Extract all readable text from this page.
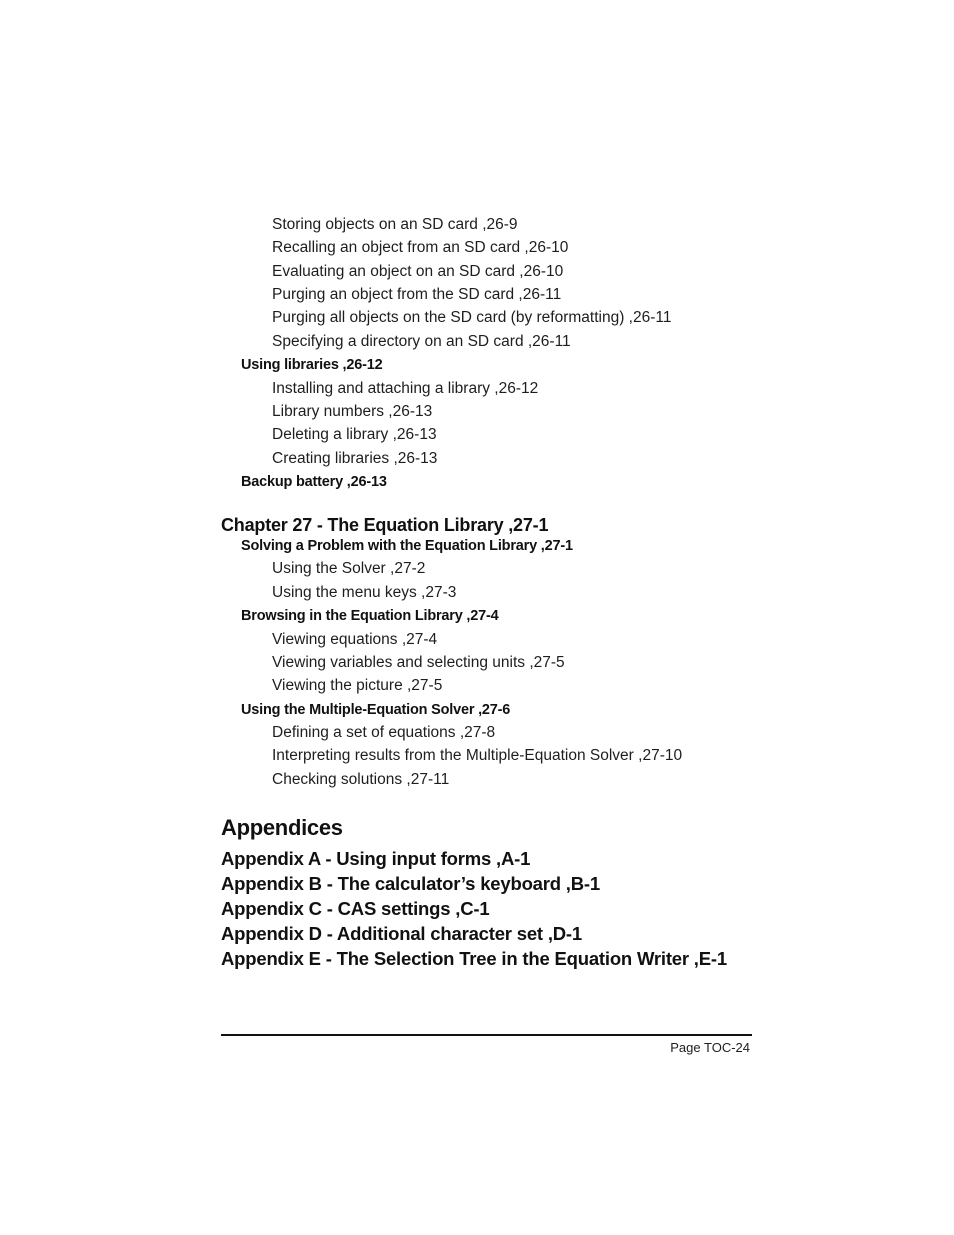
Storing objects on an SD card ,26-9
Recalling an object from an SD card ,26-10
Evaluating an object on an SD card ,26-10
Purging an object from the SD card ,26-11
Purging all objects on the SD card (by reformatting) ,26-11
Specifying a directory on an SD card ,26-11
Using libraries ,26-12
Installing and attaching a library ,26-12
Library numbers ,26-13
Deleting a library ,26-13
Creating libraries ,26-13
Backup battery ,26-13
Chapter 27 - The Equation Library ,27-1
Solving a Problem with the Equation Library ,27-1
Using the Solver ,27-2
Using the menu keys ,27-3
Browsing in the Equation Library ,27-4
Viewing equations ,27-4
Viewing variables and selecting units ,27-5
Viewing the picture ,27-5
Using the Multiple-Equation Solver ,27-6
Defining a set of equations ,27-8
Interpreting results from the Multiple-Equation Solver ,27-10
Checking solutions ,27-11
Appendices
Appendix A - Using input forms ,A-1
Appendix B - The calculator’s keyboard ,B-1
Appendix C - CAS settings ,C-1
Appendix D - Additional character set ,D-1
Appendix E - The Selection Tree in the Equation Writer ,E-1
Page TOC-24
